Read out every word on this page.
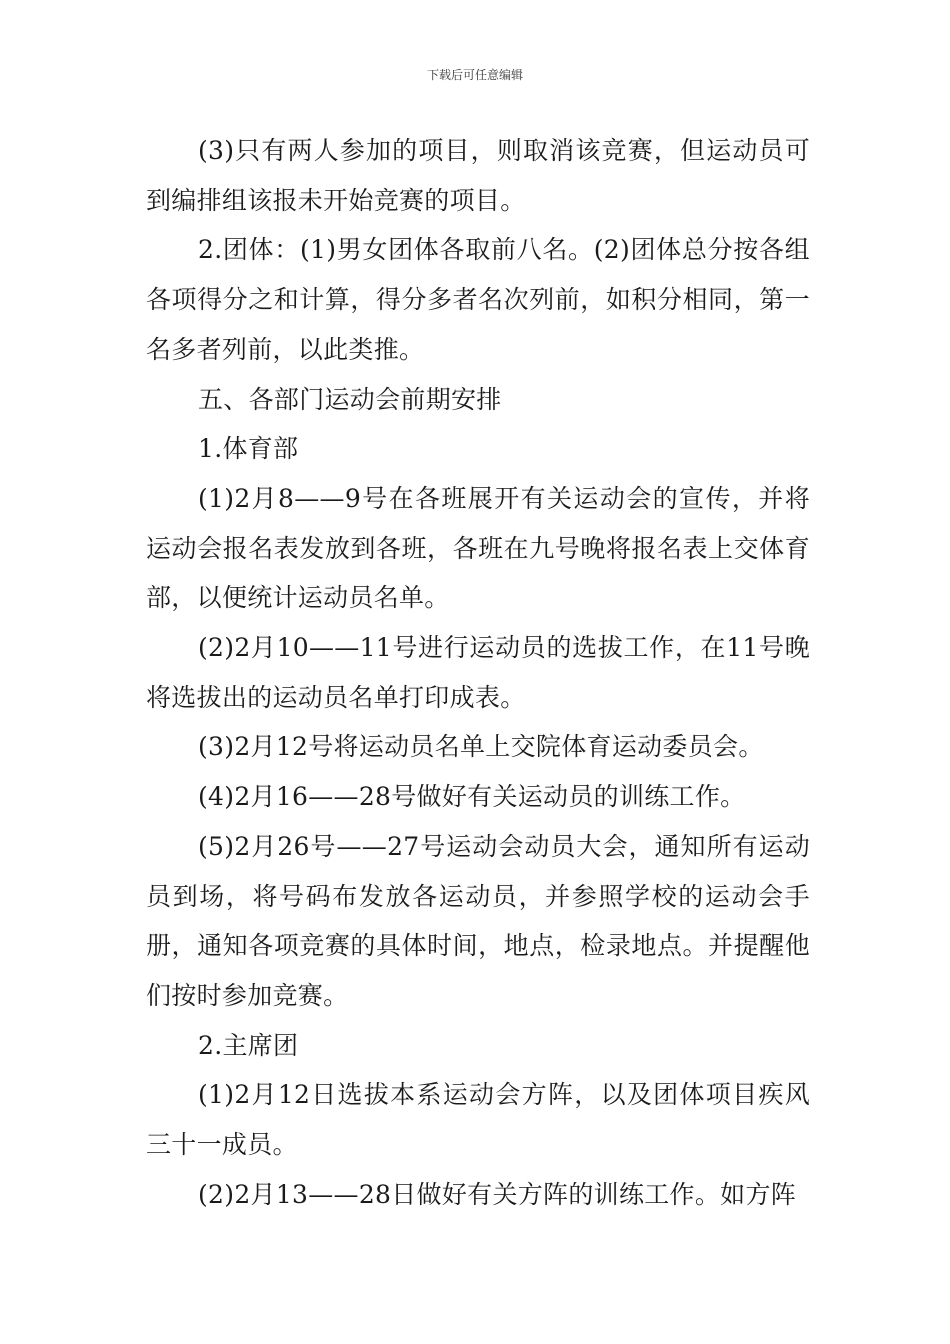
下载后可任意编辑

(3)只有两人参加的项目，则取消该竞赛，但运动员可到编排组该报未开始竞赛的项目。

2.团体：(1)男女团体各取前八名。(2)团体总分按各组各项得分之和计算，得分多者名次列前，如积分相同，第一名多者列前，以此类推。

五、各部门运动会前期安排

1.体育部

(1)2月8——9号在各班展开有关运动会的宣传，并将运动会报名表发放到各班，各班在九号晚将报名表上交体育部，以便统计运动员名单。

(2)2月10——11号进行运动员的选拔工作，在11号晚将选拔出的运动员名单打印成表。

(3)2月12号将运动员名单上交院体育运动委员会。

(4)2月16——28号做好有关运动员的训练工作。

(5)2月26号——27号运动会动员大会，通知所有运动员到场，将号码布发放各运动员，并参照学校的运动会手册，通知各项竞赛的具体时间，地点，检录地点。并提醒他们按时参加竞赛。

2.主席团

(1)2月12日选拔本系运动会方阵，以及团体项目疾风三十一成员。

(2)2月13——28日做好有关方阵的训练工作。如方阵
